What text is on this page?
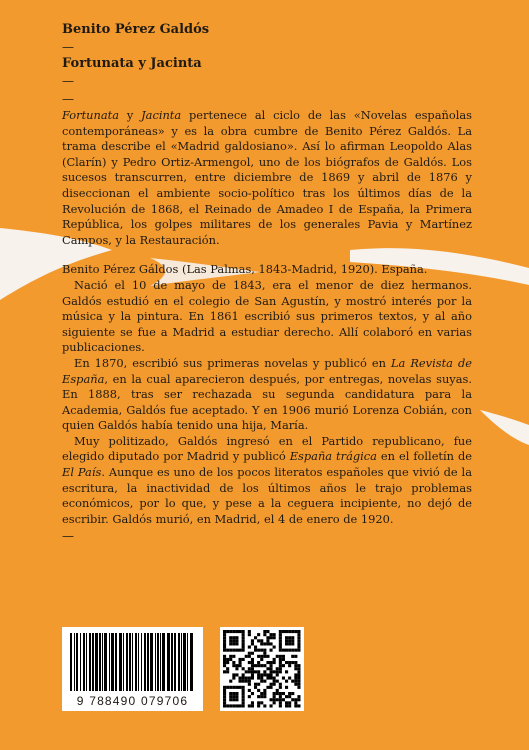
Benito Pérez Galdós
—
Fortunata y Jacinta
—
—

Fortunata y Jacinta pertenece al ciclo de las «Novelas españolas contemporáneas» y es la obra cumbre de Benito Pérez Galdós. La trama describe el «Madrid galdosiano». Así lo afirman Leopoldo Alas (Clarín) y Pedro Ortiz-Armengol, uno de los biógrafos de Galdós. Los sucesos transcurren, entre diciembre de 1869 y abril de 1876 y diseccionan el ambiente socio-político tras los últimos días de la Revolución de 1868, el Reinado de Amadeo I de España, la Primera República, los golpes militares de los generales Pavia y Martínez Campos, y la Restauración.

Benito Pérez Gáldos (Las Palmas, 1843-Madrid, 1920). España.

Nació el 10 de mayo de 1843, era el menor de diez hermanos. Galdós estudió en el colegio de San Agustín, y mostró interés por la música y la pintura. En 1861 escribió sus primeros textos, y al año siguiente se fue a Madrid a estudiar derecho. Allí colaboró en varias publicaciones.

En 1870, escribió sus primeras novelas y publicó en La Revista de España, en la cual aparecieron después, por entregas, novelas suyas. En 1888, tras ser rechazada su segunda candidatura para la Academia, Galdós fue aceptado. Y en 1906 murió Lorenza Cobián, con quien Galdós había tenido una hija, María.

Muy politizado, Galdós ingresó en el Partido republicano, fue elegido diputado por Madrid y publicó España trágica en el folletín de El País. Aunque es uno de los pocos literatos españoles que vivió de la escritura, la inactividad de los últimos años le trajo problemas económicos, por lo que, y pese a la ceguera incipiente, no dejó de escribir. Galdós murió, en Madrid, el 4 de enero de 1920.

—
9 788490 079706
